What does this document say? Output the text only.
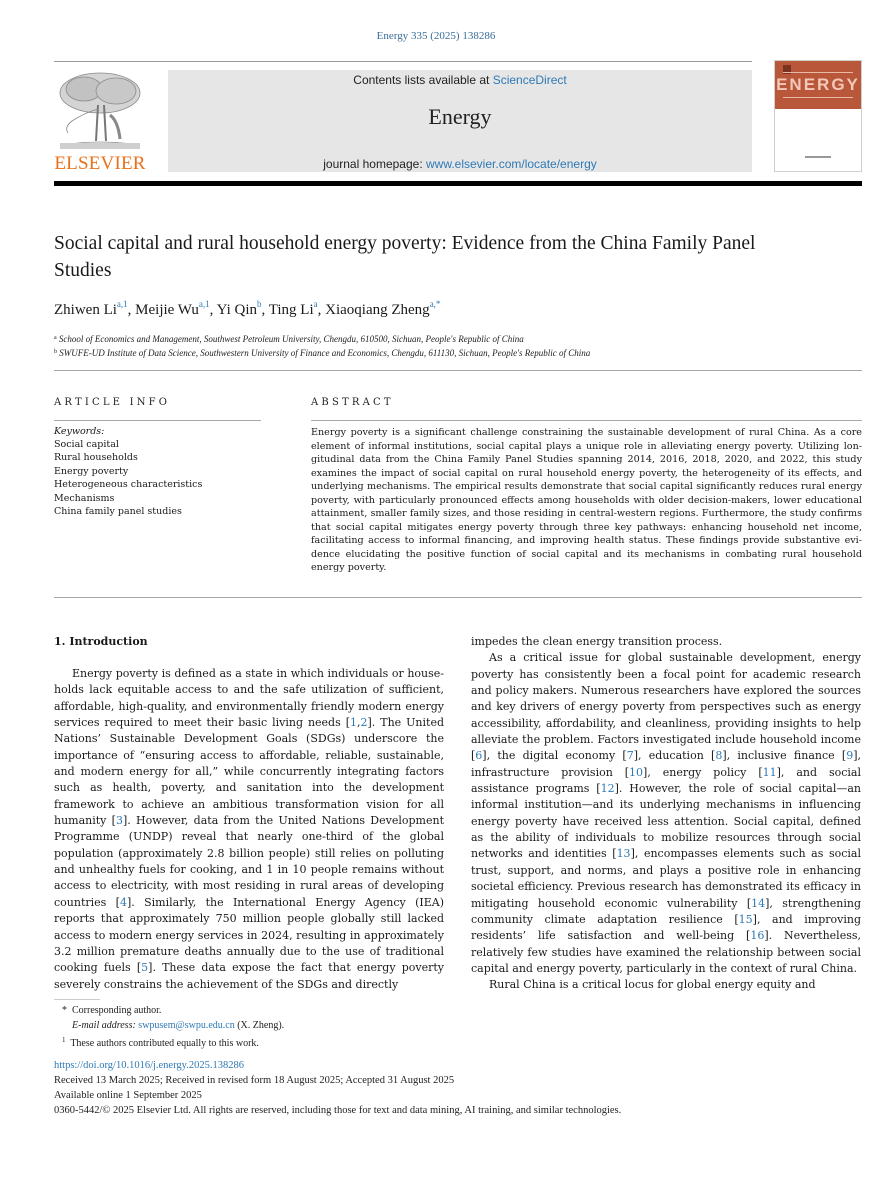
Energy 335 (2025) 138286
ELSEVIER
Contents lists available at ScienceDirect
Energy
journal homepage: www.elsevier.com/locate/energy
ENERGY
Social capital and rural household energy poverty: Evidence from the China Family Panel Studies
Zhiwen Li$^{a,1}$, Meijie Wu$^{a,1}$, Yi Qin$^b$, Ting Li$^a$, Xiaoqiang Zheng$^{a,*}$
$^a$ School of Economics and Management, Southwest Petroleum University, Chengdu, 610500, Sichuan, People's Republic of China
$^b$ SWUFE-UD Institute of Data Science, Southwestern University of Finance and Economics, Chengdu, 611130, Sichuan, People's Republic of China
ARTICLE INFO
Keywords:
Social capital
Rural households
Energy poverty
Heterogeneous characteristics
Mechanisms
China family panel studies
ABSTRACT
Energy poverty is a significant challenge constraining the sustainable development of rural China. As a core element of informal institutions, social capital plays a unique role in alleviating energy poverty. Utilizing longitudinal data from the China Family Panel Studies spanning 2014, 2016, 2018, 2020, and 2022, this study examines the impact of social capital on rural household energy poverty, the heterogeneity of its effects, and underlying mechanisms. The empirical results demonstrate that social capital significantly reduces rural energy poverty, with particularly pronounced effects among households with older decision-makers, lower educational attainment, smaller family sizes, and those residing in central-western regions. Furthermore, the study confirms that social capital mitigates energy poverty through three key pathways: enhancing household net income, facilitating access to informal financing, and improving health status. These findings provide substantive evidence elucidating the positive function of social capital and its mechanisms in combating rural household energy poverty.
1. Introduction

Energy poverty is defined as a state in which individuals or households lack equitable access to and the safe utilization of sufficient, affordable, high-quality, and environmentally friendly modern energy services required to meet their basic living needs [1,2]. The United Nations’ Sustainable Development Goals (SDGs) underscore the importance of “ensuring access to affordable, reliable, sustainable, and modern energy for all,” while concurrently integrating factors such as health, poverty, and sanitation into the development framework to achieve an ambitious transformation vision for all humanity [3]. However, data from the United Nations Development Programme (UNDP) reveal that nearly one-third of the global population (approximately 2.8 billion people) still relies on polluting and unhealthy fuels for cooking, and 1 in 10 people remains without access to electricity, with most residing in rural areas of developing countries [4]. Similarly, the International Energy Agency (IEA) reports that approximately 750 million people globally still lacked access to modern energy services in 2024, resulting in approximately 3.2 million premature deaths annually due to the use of traditional cooking fuels [5]. These data expose the fact that energy poverty severely constrains the achievement of the SDGs and directly

impedes the clean energy transition process.

As a critical issue for global sustainable development, energy poverty has consistently been a focal point for academic research and policy makers. Numerous researchers have explored the sources and key drivers of energy poverty from perspectives such as energy accessibility, affordability, and cleanliness, providing insights to help alleviate the problem. Factors investigated include household income [6], the digital economy [7], education [8], inclusive finance [9], infrastructure provision [10], energy policy [11], and social assistance programs [12]. However, the role of social capital—an informal institution—and its underlying mechanisms in influencing energy poverty have received less attention. Social capital, defined as the ability of individuals to mobilize resources through social networks and identities [13], encompasses elements such as social trust, support, and norms, and plays a positive role in enhancing societal efficiency. Previous research has demonstrated its efficacy in mitigating household economic vulnerability [14], strengthening community climate adaptation resilience [15], and improving residents’ life satisfaction and well-being [16]. Nevertheless, relatively few studies have examined the relationship between social capital and energy poverty, particularly in the context of rural China.

Rural China is a critical locus for global energy equity and

* Corresponding author.
E-mail address: swpusem@swpu.edu.cn (X. Zheng).
$^1$ These authors contributed equally to this work.
https://doi.org/10.1016/j.energy.2025.138286
Received 13 March 2025; Received in revised form 18 August 2025; Accepted 31 August 2025
Available online 1 September 2025
0360-5442/© 2025 Elsevier Ltd. All rights are reserved, including those for text and data mining, AI training, and similar technologies.
